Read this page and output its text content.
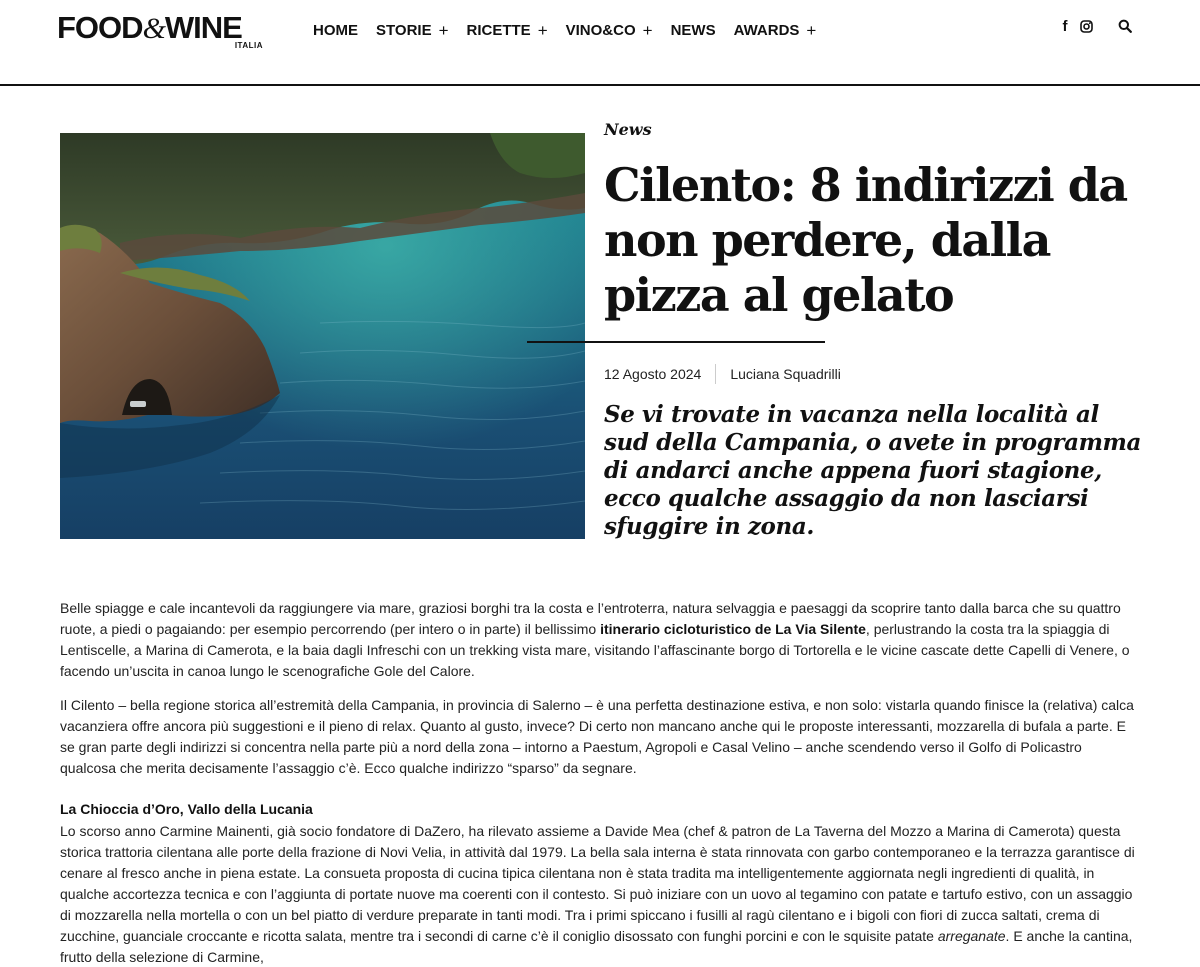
FOOD&WINE
ITALIA
HOME STORIE + RICETTE + VINO&CO + NEWS AWARDS +	f
News
Cilento: 8 indirizzi da non perdere, dalla pizza al gelato
12 Agosto 2024 Luciana Squadrilli
Se vi trovate in vacanza nella località al sud della Campania, o avete in programma di andarci anche appena fuori stagione, ecco qualche assaggio da non lasciarsi sfuggire in zona.

Belle spiagge e cale incantevoli da raggiungere via mare, graziosi borghi tra la costa e l’entroterra, natura selvaggia e paesaggi da scoprire tanto dalla barca che su quattro ruote, a piedi o pagaiando: per esempio percorrendo (per intero o in parte) il bellissimo itinerario cicloturistico de La Via Silente, perlustrando la costa tra la spiaggia di Lentiscelle, a Marina di Camerota, e la baia dagli Infreschi con un trekking vista mare, visitando l’affascinante borgo di Tortorella e le vicine cascate dette Capelli di Venere, o facendo un’uscita in canoa lungo le scenografiche Gole del Calore.

Il Cilento – bella regione storica all’estremità della Campania, in provincia di Salerno – è una perfetta destinazione estiva, e non solo: vistarla quando finisce la (relativa) calca vacanziera offre ancora più suggestioni e il pieno di relax. Quanto al gusto, invece? Di certo non mancano anche qui le proposte interessanti, mozzarella di bufala a parte. E se gran parte degli indirizzi si concentra nella parte più a nord della zona – intorno a Paestum, Agropoli e Casal Velino – anche scendendo verso il Golfo di Policastro qualcosa che merita decisamente l’assaggio c’è. Ecco qualche indirizzo “sparso” da segnare.

La Chioccia d’Oro, Vallo della Lucania

Lo scorso anno Carmine Mainenti, già socio fondatore di DaZero, ha rilevato assieme a Davide Mea (chef & patron de La Taverna del Mozzo a Marina di Camerota) questa storica trattoria cilentana alle porte della frazione di Novi Velia, in attività dal 1979. La bella sala interna è stata rinnovata con garbo contemporaneo e la terrazza garantisce di cenare al fresco anche in piena estate. La consueta proposta di cucina tipica cilentana non è stata tradita ma intelligentemente aggiornata negli ingredienti di qualità, in qualche accortezza tecnica e con l’aggiunta di portate nuove ma coerenti con il contesto. Si può iniziare con un uovo al tegamino con patate e tartufo estivo, con un assaggio di mozzarella nella mortella o con un bel piatto di verdure preparate in tanti modi. Tra i primi spiccano i fusilli al ragù cilentano e i bigoli con fiori di zucca saltati, crema di zucchine, guanciale croccante e ricotta salata, mentre tra i secondi di carne c’è il coniglio disossato con funghi porcini e con le squisite patate arreganate. E anche la cantina, frutto della selezione di Carmine,
